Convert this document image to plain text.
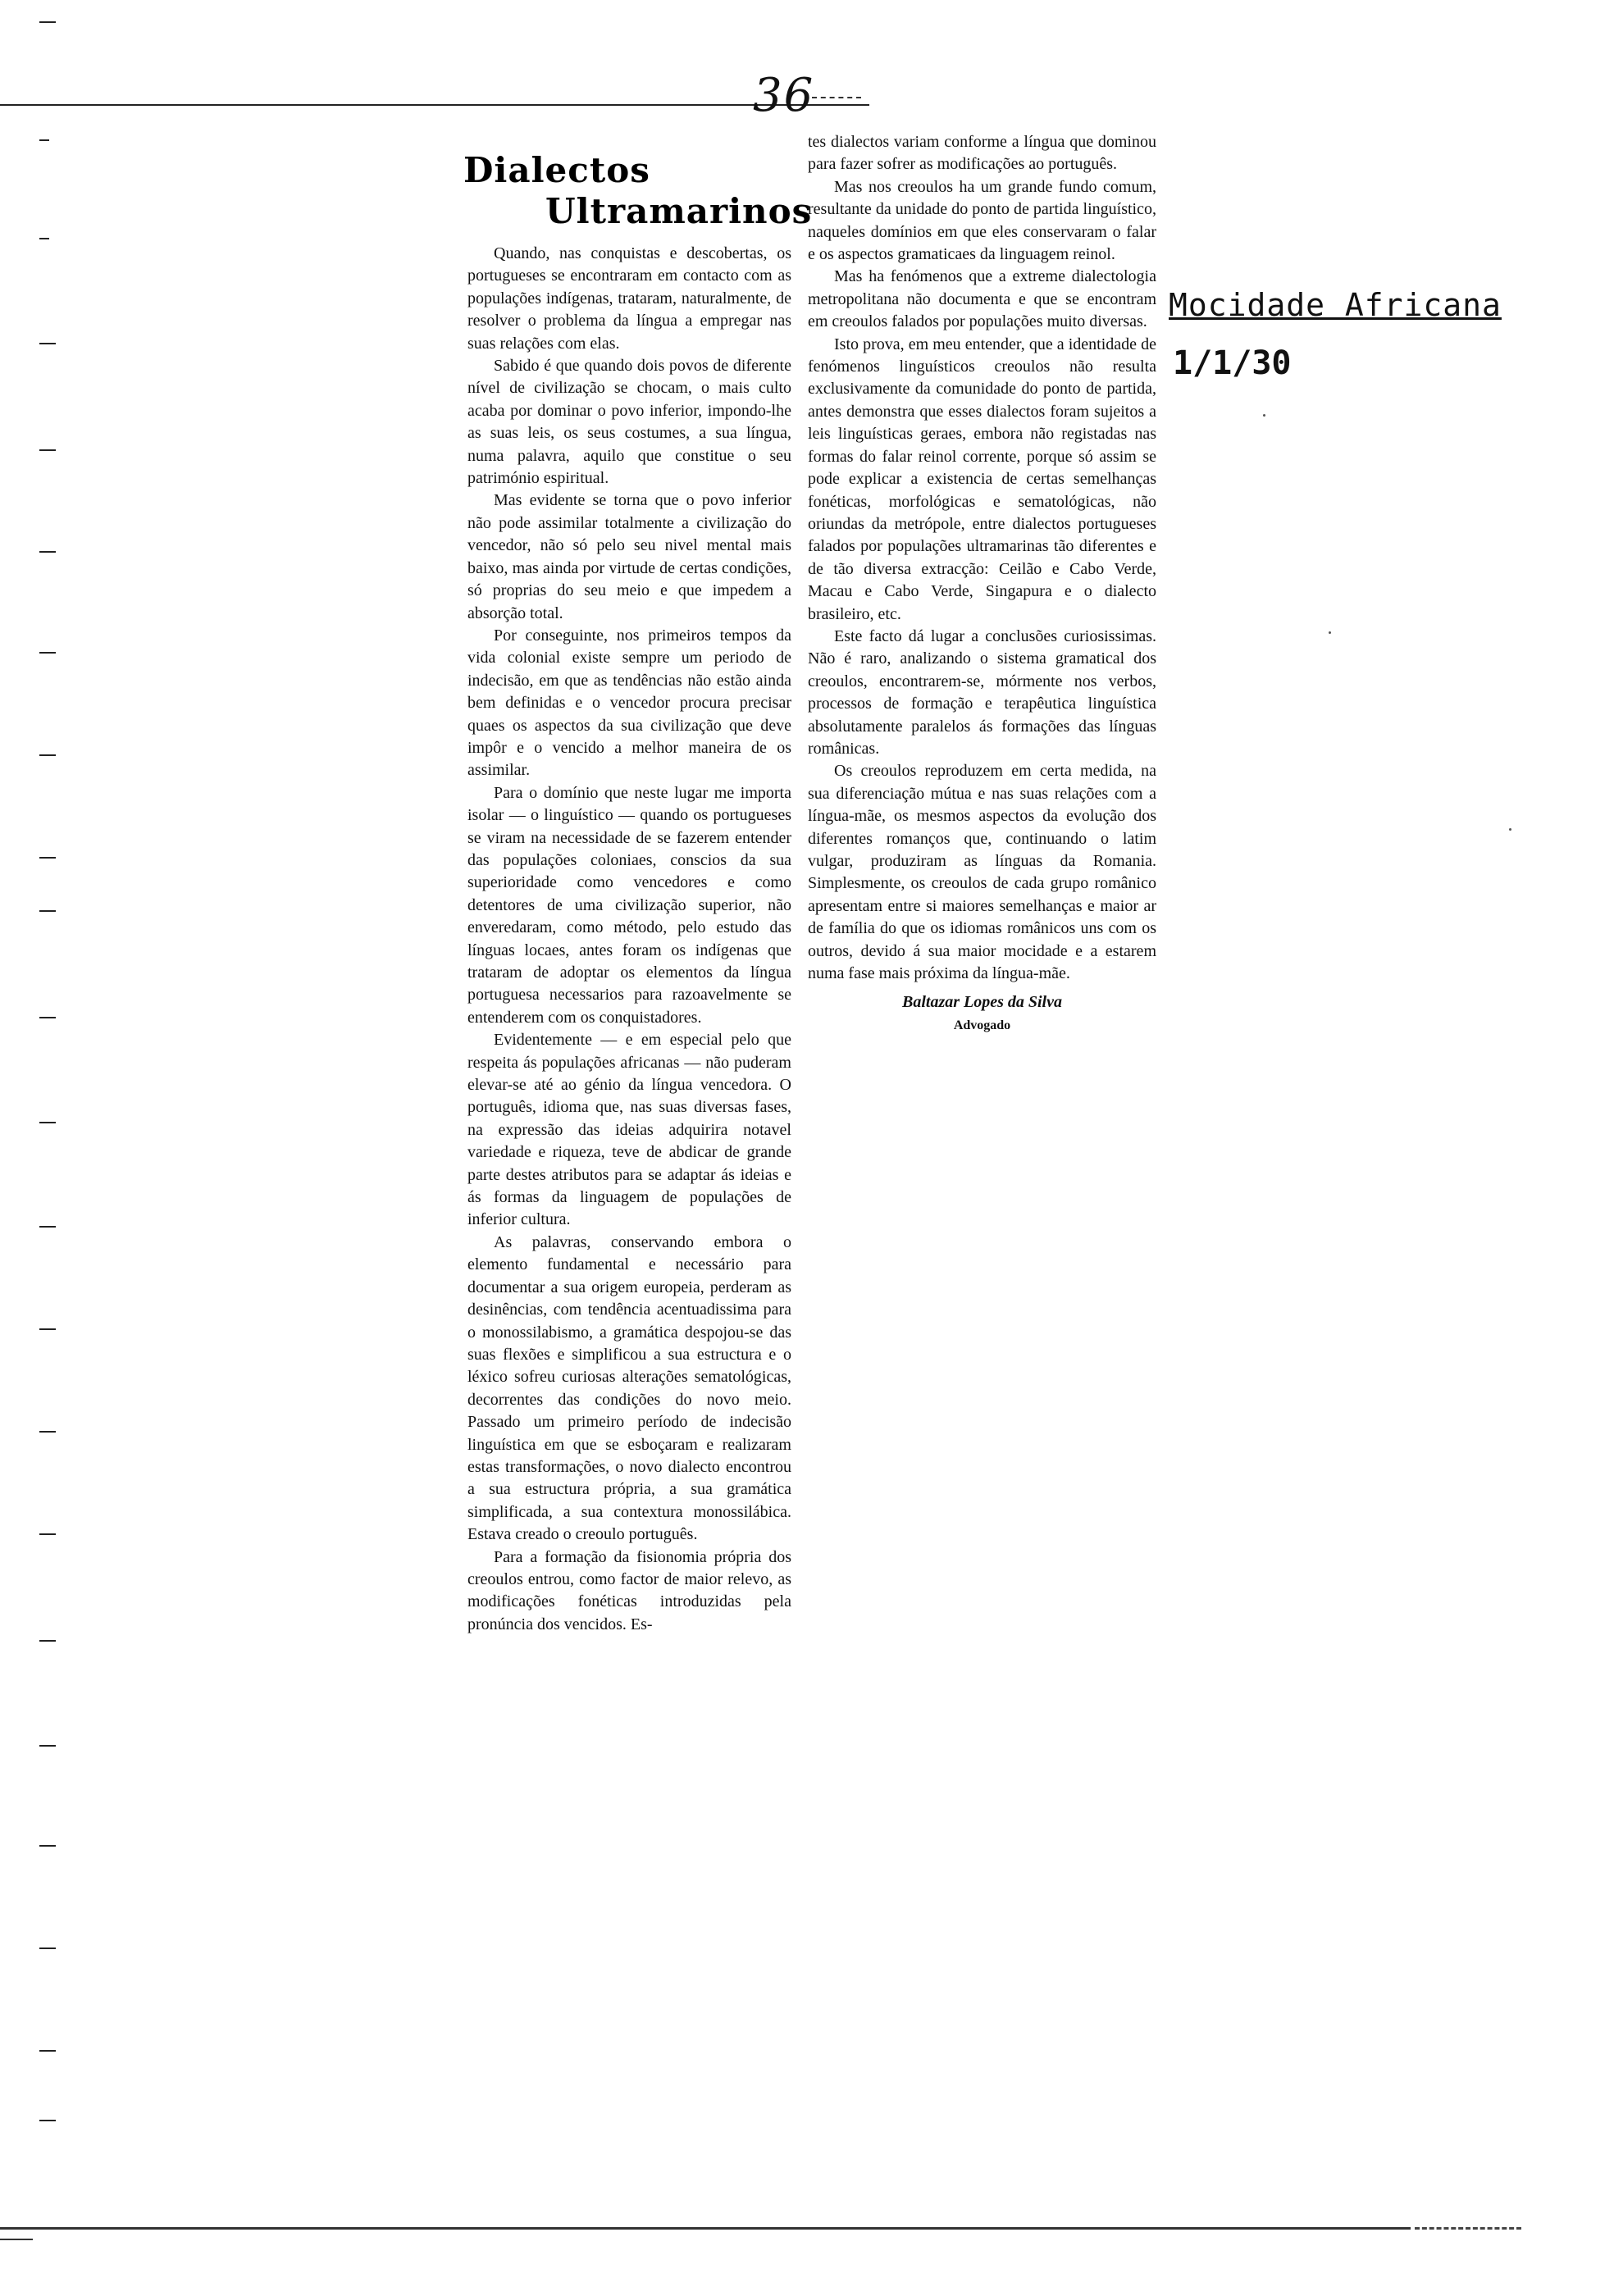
36
Mocidade Africana
1/1/30
Dialectos
Ultramarinos

Quando, nas conquistas e descobertas, os portugueses se encontraram em contacto com as populações indígenas, trataram, naturalmente, de resolver o problema da língua a empregar nas suas relações com elas.

Sabido é que quando dois povos de diferente nível de civilização se chocam, o mais culto acaba por dominar o povo inferior, impondo-lhe as suas leis, os seus costumes, a sua língua, numa palavra, aquilo que constitue o seu património espiritual.

Mas evidente se torna que o povo inferior não pode assimilar totalmente a civilização do vencedor, não só pelo seu nivel mental mais baixo, mas ainda por virtude de certas condições, só proprias do seu meio e que impedem a absorção total.

Por conseguinte, nos primeiros tempos da vida colonial existe sempre um periodo de indecisão, em que as tendências não estão ainda bem definidas e o vencedor procura precisar quaes os aspectos da sua civilização que deve impôr e o vencido a melhor maneira de os assimilar.

Para o domínio que neste lugar me importa isolar — o linguístico — quando os portugueses se viram na necessidade de se fazerem entender das populações coloniaes, conscios da sua superioridade como vencedores e como detentores de uma civilização superior, não enveredaram, como método, pelo estudo das línguas locaes, antes foram os indígenas que trataram de adoptar os elementos da língua portuguesa necessarios para razoavelmente se entenderem com os conquistadores.

Evidentemente — e em especial pelo que respeita ás populações africanas — não puderam elevar-se até ao génio da língua vencedora. O português, idioma que, nas suas diversas fases, na expressão das ideias adquirira notavel variedade e riqueza, teve de abdicar de grande parte destes atributos para se adaptar ás ideias e ás formas da linguagem de populações de inferior cultura.

As palavras, conservando embora o elemento fundamental e necessário para documentar a sua origem europeia, perderam as desinências, com tendência acentuadissima para o monossilabismo, a gramática despojou-se das suas flexões e simplificou a sua estructura e o léxico sofreu curiosas alterações sematológicas, decorrentes das condições do novo meio. Passado um primeiro período de indecisão linguística em que se esboçaram e realizaram estas transformações, o novo dialecto encontrou a sua estructura própria, a sua gramática simplificada, a sua contextura monossilábica. Estava creado o creoulo português.

Para a formação da fisionomia própria dos creoulos entrou, como factor de maior relevo, as modificações fonéticas introduzidas pela pronúncia dos vencidos. Es-

tes dialectos variam conforme a língua que dominou para fazer sofrer as modificações ao português.

Mas nos creoulos ha um grande fundo comum, resultante da unidade do ponto de partida linguístico, naqueles domínios em que eles conservaram o falar e os aspectos gramaticaes da linguagem reinol.

Mas ha fenómenos que a extreme dialectologia metropolitana não documenta e que se encontram em creoulos falados por populações muito diversas.

Isto prova, em meu entender, que a identidade de fenómenos linguísticos creoulos não resulta exclusivamente da comunidade do ponto de partida, antes demonstra que esses dialectos foram sujeitos a leis linguísticas geraes, embora não registadas nas formas do falar reinol corrente, porque só assim se pode explicar a existencia de certas semelhanças fonéticas, morfológicas e sematológicas, não oriundas da metrópole, entre dialectos portugueses falados por populações ultramarinas tão diferentes e de tão diversa extracção: Ceilão e Cabo Verde, Macau e Cabo Verde, Singapura e o dialecto brasileiro, etc.

Este facto dá lugar a conclusões curiosissimas. Não é raro, analizando o sistema gramatical dos creoulos, encontrarem-se, mórmente nos verbos, processos de formação e terapêutica linguística absolutamente paralelos ás formações das línguas românicas.

Os creoulos reproduzem em certa medida, na sua diferenciação mútua e nas suas relações com a língua-mãe, os mesmos aspectos da evolução dos diferentes romanços que, continuando o latim vulgar, produziram as línguas da Romania. Simplesmente, os creoulos de cada grupo românico apresentam entre si maiores semelhanças e maior ar de família do que os idiomas românicos uns com os outros, devido á sua maior mocidade e a estarem numa fase mais próxima da língua-mãe.

Baltazar Lopes da Silva

Advogado
